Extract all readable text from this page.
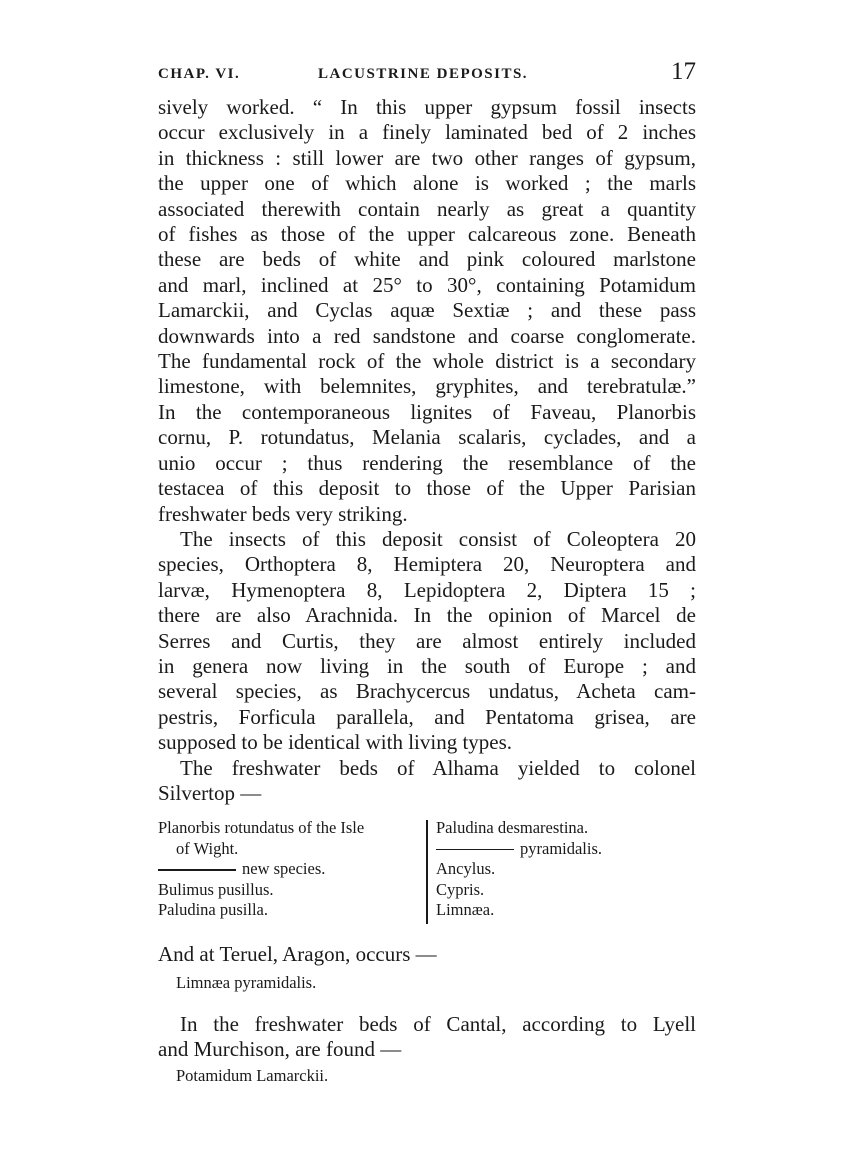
CHAP. VI.	LACUSTRINE DEPOSITS.	17
sively worked. “ In this upper gypsum fossil insects
occur exclusively in a finely laminated bed of 2 inches
in thickness : still lower are two other ranges of gypsum,
the upper one of which alone is worked ; the marls
associated therewith contain nearly as great a quantity
of fishes as those of the upper calcareous zone. Beneath
these are beds of white and pink coloured marlstone
and marl, inclined at 25° to 30°, containing Potamidum
Lamarckii, and Cyclas aquæ Sextiæ ; and these pass
downwards into a red sandstone and coarse conglomerate.
The fundamental rock of the whole district is a secondary
limestone, with belemnites, gryphites, and terebratulæ.”
In the contemporaneous lignites of Faveau, Planorbis
cornu, P. rotundatus, Melania scalaris, cyclades, and a
unio occur ; thus rendering the resemblance of the
testacea of this deposit to those of the Upper Parisian
freshwater beds very striking.
The insects of this deposit consist of Coleoptera 20
species, Orthoptera 8, Hemiptera 20, Neuroptera and
larvæ, Hymenoptera 8, Lepidoptera 2, Diptera 15 ;
there are also Arachnida. In the opinion of Marcel de
Serres and Curtis, they are almost entirely included
in genera now living in the south of Europe ; and
several species, as Brachycercus undatus, Acheta cam-
pestris, Forficula parallela, and Pentatoma grisea, are
supposed to be identical with living types.
The freshwater beds of Alhama yielded to colonel
Silvertop —
Planorbis rotundatus of the Isle
of Wight.
new species.
Bulimus pusillus.
Paludina pusilla.
Paludina desmarestina.
pyramidalis.
Ancylus.
Cypris.
Limnæa.
And at Teruel, Aragon, occurs —
Limnæa pyramidalis.
In the freshwater beds of Cantal, according to Lyell
and Murchison, are found —
Potamidum Lamarckii.
